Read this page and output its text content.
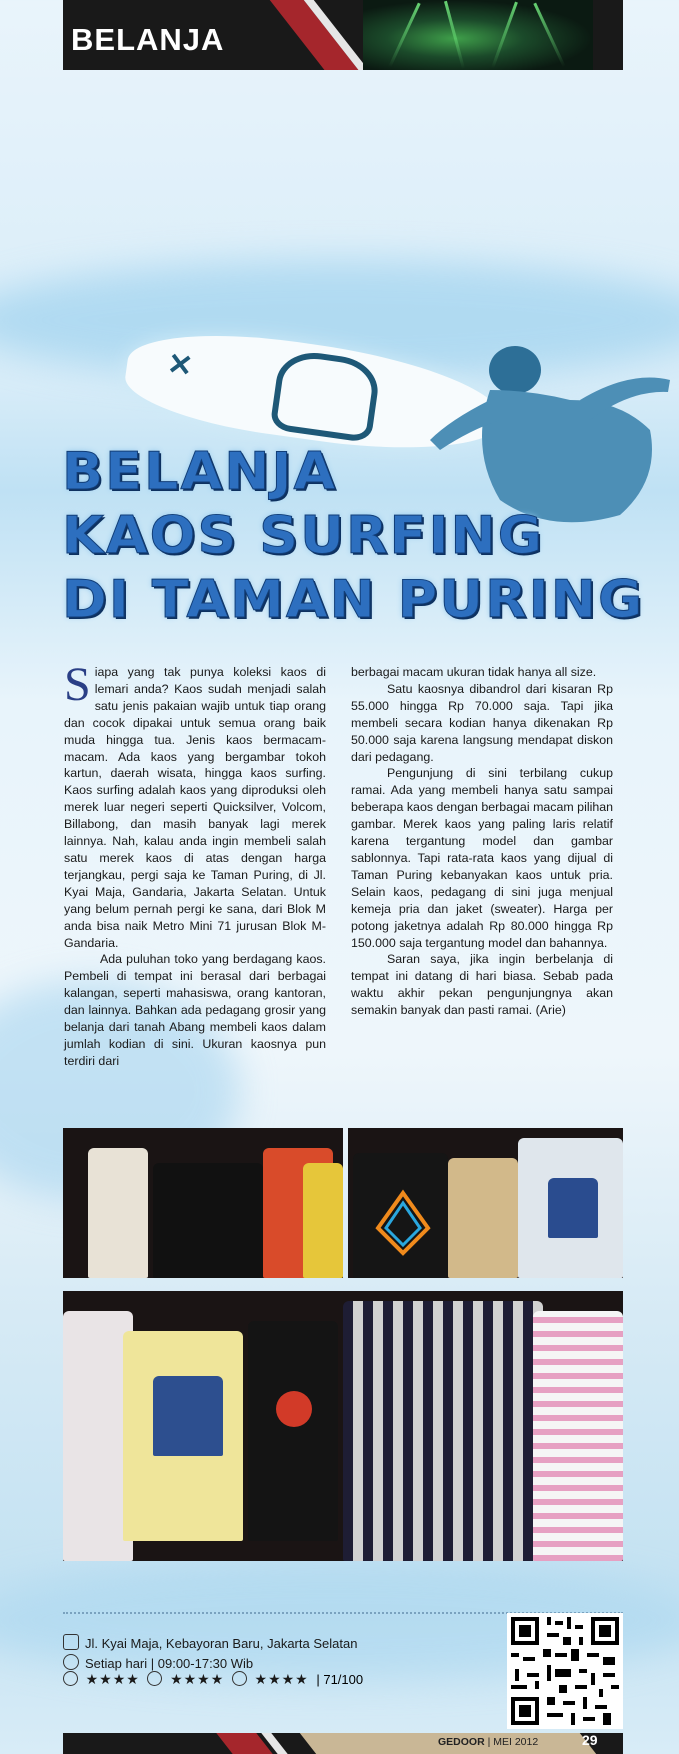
BELANJA
✕
BELANJA
KAOS SURFING
DI TAMAN PURING

Siapa yang tak punya koleksi kaos di lemari anda? Kaos sudah menjadi salah satu jenis pakaian wajib untuk tiap orang dan cocok dipakai untuk semua orang baik muda hingga tua. Jenis kaos bermacam-macam. Ada kaos yang bergambar tokoh kartun, daerah wisata, hingga kaos surfing. Kaos surfing adalah kaos yang diproduksi oleh merek luar negeri seperti Quicksilver, Volcom, Billabong, dan masih banyak lagi merek lainnya. Nah, kalau anda ingin membeli salah satu merek kaos di atas dengan harga terjangkau, pergi saja ke Taman Puring, di Jl. Kyai Maja, Gandaria, Jakarta Selatan. Untuk yang belum pernah pergi ke sana, dari Blok M anda bisa naik Metro Mini 71 jurusan Blok M-Gandaria.

Ada puluhan toko yang berdagang kaos. Pembeli di tempat ini berasal dari berbagai kalangan, seperti mahasiswa, orang kantoran, dan lainnya. Bahkan ada pedagang grosir yang belanja dari tanah Abang membeli kaos dalam jumlah kodian di sini. Ukuran kaosnya pun terdiri dari

berbagai macam ukuran tidak hanya all size.

Satu kaosnya dibandrol dari kisaran Rp 55.000 hingga Rp 70.000 saja. Tapi jika membeli secara kodian hanya dikenakan Rp 50.000 saja karena langsung mendapat diskon dari pedagang.

Pengunjung di sini terbilang cukup ramai. Ada yang membeli hanya satu sampai beberapa kaos dengan berbagai macam pilihan gambar. Merek kaos yang paling laris relatif karena tergantung model dan gambar sablonnya. Tapi rata-rata kaos yang dijual di Taman Puring kebanyakan kaos untuk pria. Selain kaos, pedagang di sini juga menjual kemeja pria dan jaket (sweater). Harga per potong jaketnya adalah Rp 80.000 hingga Rp 150.000 saja tergantung model dan bahannya.

Saran saya, jika ingin berbelanja di tempat ini datang di hari biasa. Sebab pada waktu akhir pekan pengunjungnya akan semakin banyak dan pasti ramai. (Arie)

Jl. Kyai Maja, Kebayoran Baru, Jakarta Selatan
Setiap hari | 09:00-17:30 Wib
★★★★ ★★★★ ★★★★ | 71/100
GEDOOR | MEI 2012	29
